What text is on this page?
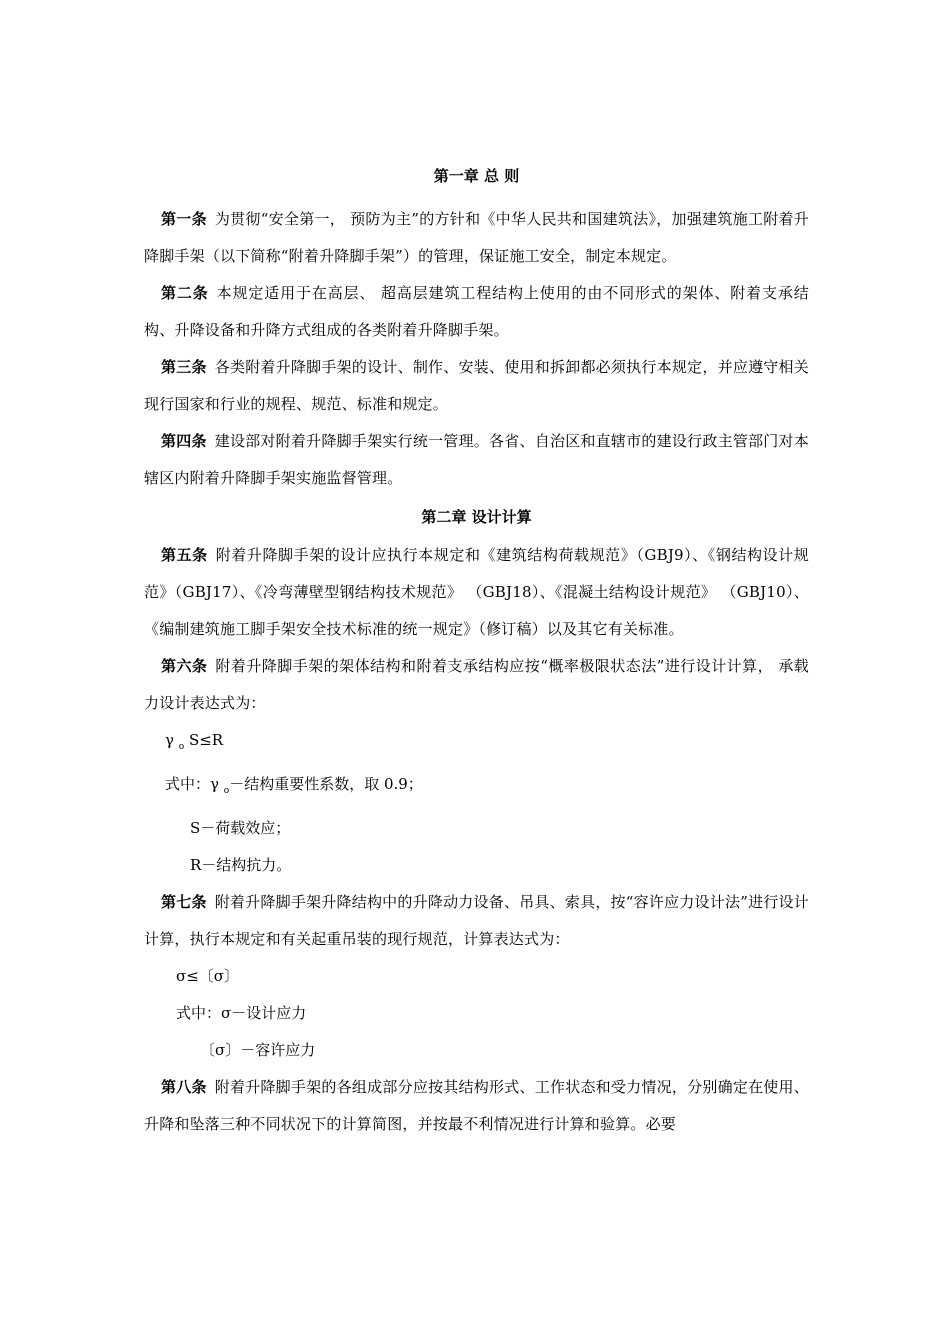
第一章 总 则

第一条 为贯彻“安全第一， 预防为主”的方针和《中华人民共和国建筑法》，加强建筑施工附着升降脚手架（以下简称“附着升降脚手架”）的管理，保证施工安全，制定本规定。

第二条 本规定适用于在高层、 超高层建筑工程结构上使用的由不同形式的架体、附着支承结构、升降设备和升降方式组成的各类附着升降脚手架。

第三条 各类附着升降脚手架的设计、制作、安装、使用和拆卸都必须执行本规定，并应遵守相关现行国家和行业的规程、规范、标准和规定。

第四条 建设部对附着升降脚手架实行统一管理。各省、自治区和直辖市的建设行政主管部门对本辖区内附着升降脚手架实施监督管理。

第二章 设计计算

第五条 附着升降脚手架的设计应执行本规定和《建筑结构荷载规范》（GBJ9）、《钢结构设计规范》（GBJ17）、《冷弯薄壁型钢结构技术规范》 （GBJ18）、《混凝土结构设计规范》 （GBJ10）、《编制建筑施工脚手架安全技术标准的统一规定》（修订稿）以及其它有关标准。

第六条 附着升降脚手架的架体结构和附着支承结构应按“概率极限状态法”进行设计计算， 承载力设计表达式为：

γ $_o$ S≤R

式中：γ $_o$－结构重要性系数，取 0.9；

S－荷载效应；

R－结构抗力。

第七条 附着升降脚手架升降结构中的升降动力设备、吊具、索具，按“容许应力设计法”进行设计计算，执行本规定和有关起重吊装的现行规范，计算表达式为：

σ≤〔σ〕

式中：σ－设计应力

〔σ〕－容许应力

第八条 附着升降脚手架的各组成部分应按其结构形式、工作状态和受力情况，分别确定在使用、升降和坠落三种不同状况下的计算简图，并按最不利情况进行计算和验算。必要
